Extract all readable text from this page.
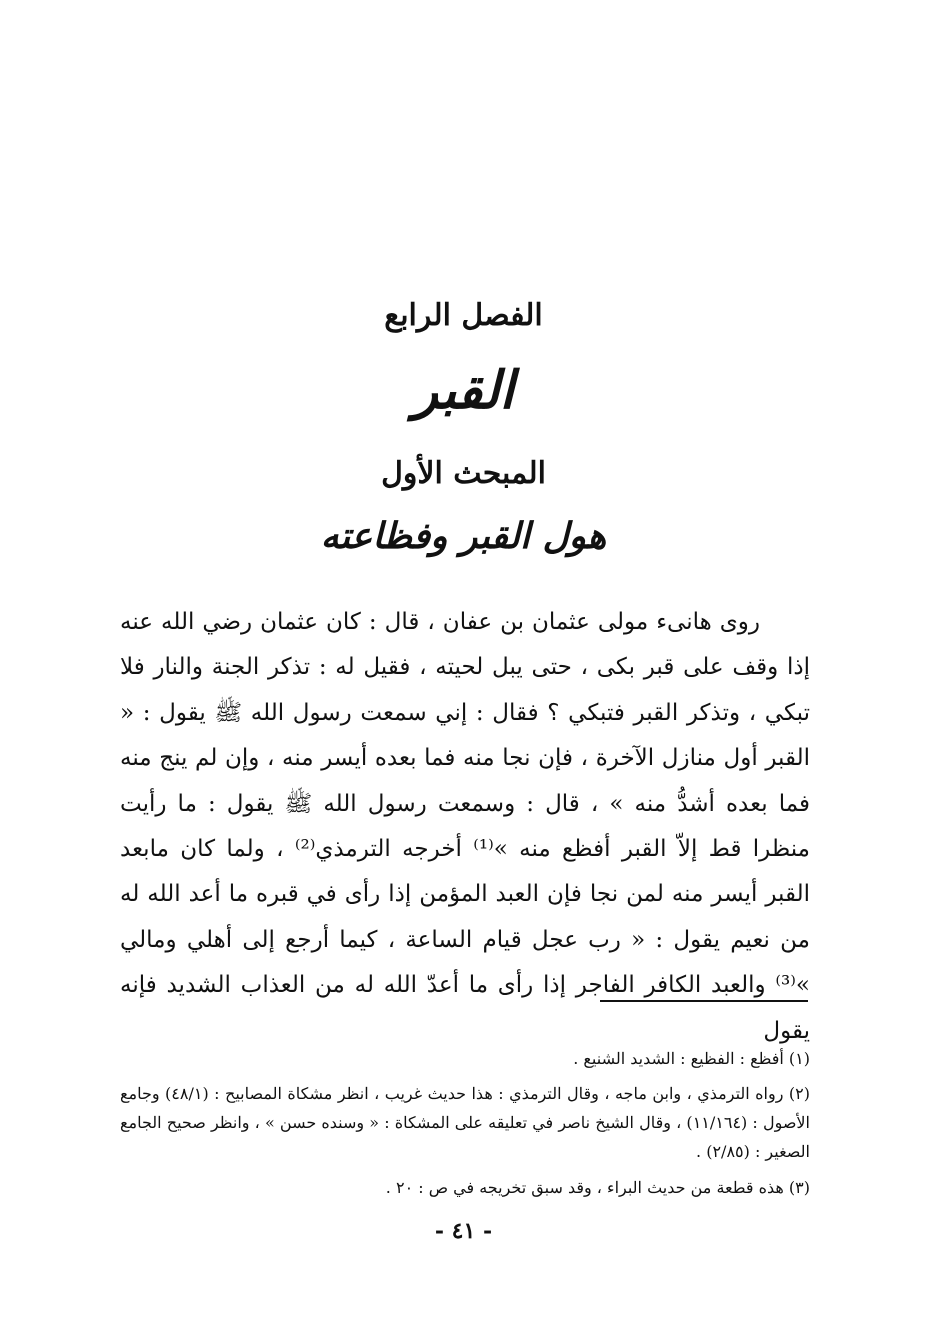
الفصل الرابع
القبر
المبحث الأول
هول القبر وفظاعته

روى هانىء مولى عثمان بن عفان ، قال : كان عثمان رضي الله عنه إذا وقف على قبر بكى ، حتى يبل لحيته ، فقيل له : تذكر الجنة والنار فلا تبكي ، وتذكر القبر فتبكي ؟ فقال : إني سمعت رسول الله ﷺ يقول : « القبر أول منازل الآخرة ، فإن نجا منه فما بعده أيسر منه ، وإن لم ينج منه فما بعده أشدُّ منه » ، قال : وسمعت رسول الله ﷺ يقول : ما رأيت منظرا قط إلاّ القبر أفظع منه »⁽¹⁾ أخرجه الترمذي⁽²⁾ ، ولما كان مابعد القبر أيسر منه لمن نجا فإن العبد المؤمن إذا رأى في قبره ما أعد الله له من نعيم يقول : « رب عجل قيام الساعة ، كيما أرجع إلى أهلي ومالي »⁽³⁾ والعبد الكافر الفاجر إذا رأى ما أعدّ الله له من العذاب الشديد فإنه يقول

(١) أفظع : الفظيع : الشديد الشنيع .

(٢) رواه الترمذي ، وابن ماجه ، وقال الترمذي : هذا حديث غريب ، انظر مشكاة المصابيح : (٤٨/١) وجامع الأصول : (١١/١٦٤) ، وقال الشيخ ناصر في تعليقه على المشكاة : « وسنده حسن » ، وانظر صحيح الجامع الصغير : (٢/٨٥) .

(٣) هذه قطعة من حديث البراء ، وقد سبق تخريجه في ص : ٢٠ .

- ٤١ -
